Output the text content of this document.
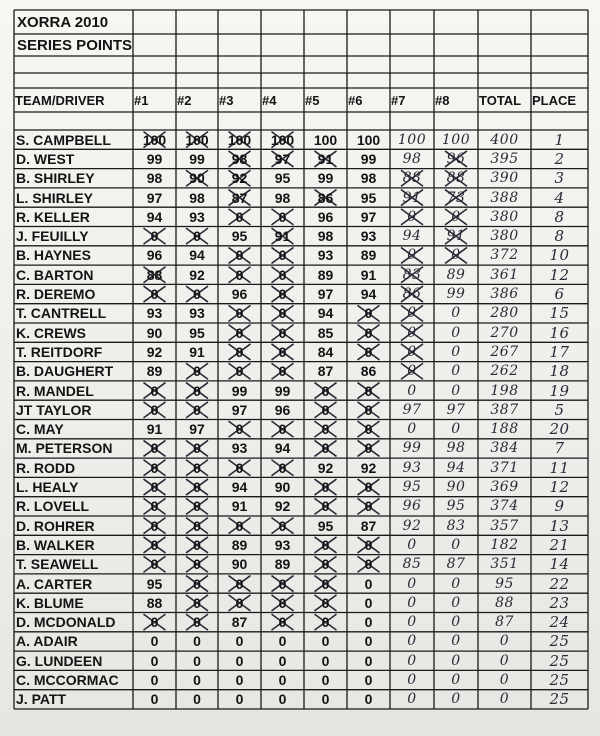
XORRA 2010
SERIES POINTS
TEAM/DRIVER	#1	#2	#3	#4	#5	#6	#7	#8	TOTAL PLACE
S. CAMPBELL	100	100	100	100	100	100	100	100	400	1
D. WEST	99	99	98	97	91	99	98	96	395	2
B. SHIRLEY	98	90	92	95	99	98	88	88	390	3
L. SHIRLEY	97	98	87	98	86	95	91	73	388	4
R. KELLER	94	93	0	0	96	97	0	0	380	8
J. FEUILLY	0	0	95	91	98	93	94	91	380	8
B. HAYNES	96	94	0	0	93	89	0	0	372	10
C. BARTON	88	92	0	0	89	91	83	89	361	12
R. DEREMO	0	0	96	0	97	94	86	99	386	6
T. CANTRELL	93	93	0	0	94	0	0	0	280	15
K. CREWS	90	95	0	0	85	0	0	0	270	16
T. REITDORF	92	91	0	0	84	0	0	0	267	17
B. DAUGHERT	89	0	0	0	87	86	0	0	262	18
R. MANDEL	0	0	99	99	0	0	0	0	198	19
JT TAYLOR	0	0	97	96	0	0	97	97	387	5
C. MAY	91	97	0	0	0	0	0	0	188	20
M. PETERSON	0	0	93	94	0	0	99	98	384	7
R. RODD	0	0	0	0	92	92	93	94	371	11
L. HEALY	0	0	94	90	0	0	95	90	369	12
R. LOVELL	0	0	91	92	0	0	96	95	374	9
D. ROHRER	0	0	0	0	95	87	92	83	357	13
B. WALKER	0	0	89	93	0	0	0	0	182	21
T. SEAWELL	0	0	90	89	0	0	85	87	351	14
A. CARTER	95	0	0	0	0	0	0	0	95	22
K. BLUME	88	0	0	0	0	0	0	0	88	23
D. MCDONALD	0	0	87	0	0	0	0	0	87	24
A. ADAIR	0	0	0	0	0	0	0	0	0	25
G. LUNDEEN	0	0	0	0	0	0	0	0	0	25
C. MCCORMAC	0	0	0	0	0	0	0	0	0	25
J. PATT	0	0	0	0	0	0	0	0	0	25
